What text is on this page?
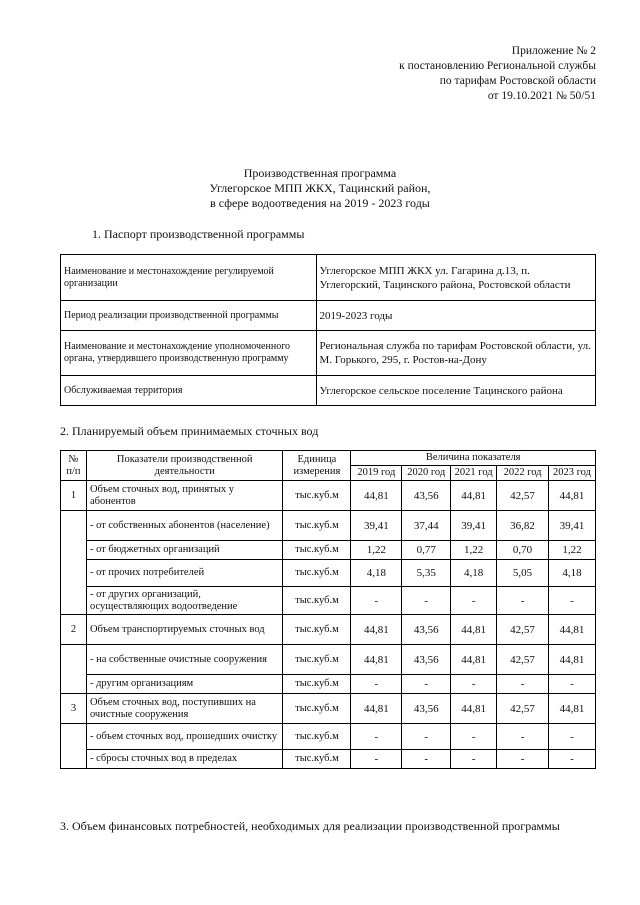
Приложение № 2
к постановлению Региональной службы
по тарифам Ростовской области
от 19.10.2021 № 50/51
Производственная программа
Углегорское МПП ЖКХ, Тацинский район,
в сфере водоотведения на 2019 - 2023 годы
1. Паспорт производственной программы
Наименование и местонахождение регулируемой организации	Углегорское МПП ЖКХ ул. Гагарина д.13, п. Углегорский, Тацинского района, Ростовской области
Период реализации производственной программы	2019-2023 годы
Наименование и местонахождение уполномоченного органа, утвердившего производственную программу	Региональная служба по тарифам Ростовской области, ул. М. Горького, 295, г. Ростов-на-Дону
Обслуживаемая территория	Углегорское сельское поселение Тацинского района
2. Планируемый объем принимаемых сточных вод
№ п/п	Показатели производственной деятельности	Единица измерения	Величина показателя				
			2019 год	2020 год	2021 год	2022 год	2023 год
1	Объем сточных вод, принятых у абонентов	тыс.куб.м	44,81	43,56	44,81	42,57	44,81
	- от собственных абонентов (население)	тыс.куб.м	39,41	37,44	39,41	36,82	39,41
	- от бюджетных организаций	тыс.куб.м	1,22	0,77	1,22	0,70	1,22
	- от прочих потребителей	тыс.куб.м	4,18	5,35	4,18	5,05	4,18
	- от других организаций, осуществляющих водоотведение	тыс.куб.м	-	-	-	-	-
2	Объем транспортируемых сточных вод	тыс.куб.м	44,81	43,56	44,81	42,57	44,81
	- на собственные очистные сооружения	тыс.куб.м	44,81	43,56	44,81	42,57	44,81
	- другим организациям	тыс.куб.м	-	-	-	-	-
3	Объем сточных вод, поступивших на очистные сооружения	тыс.куб.м	44,81	43,56	44,81	42,57	44,81
	- объем сточных вод, прошедших очистку	тыс.куб.м	-	-	-	-	-
	- сбросы сточных вод в пределах	тыс.куб.м	-	-	-	-	-
3. Объем финансовых потребностей, необходимых для реализации производственной программы
